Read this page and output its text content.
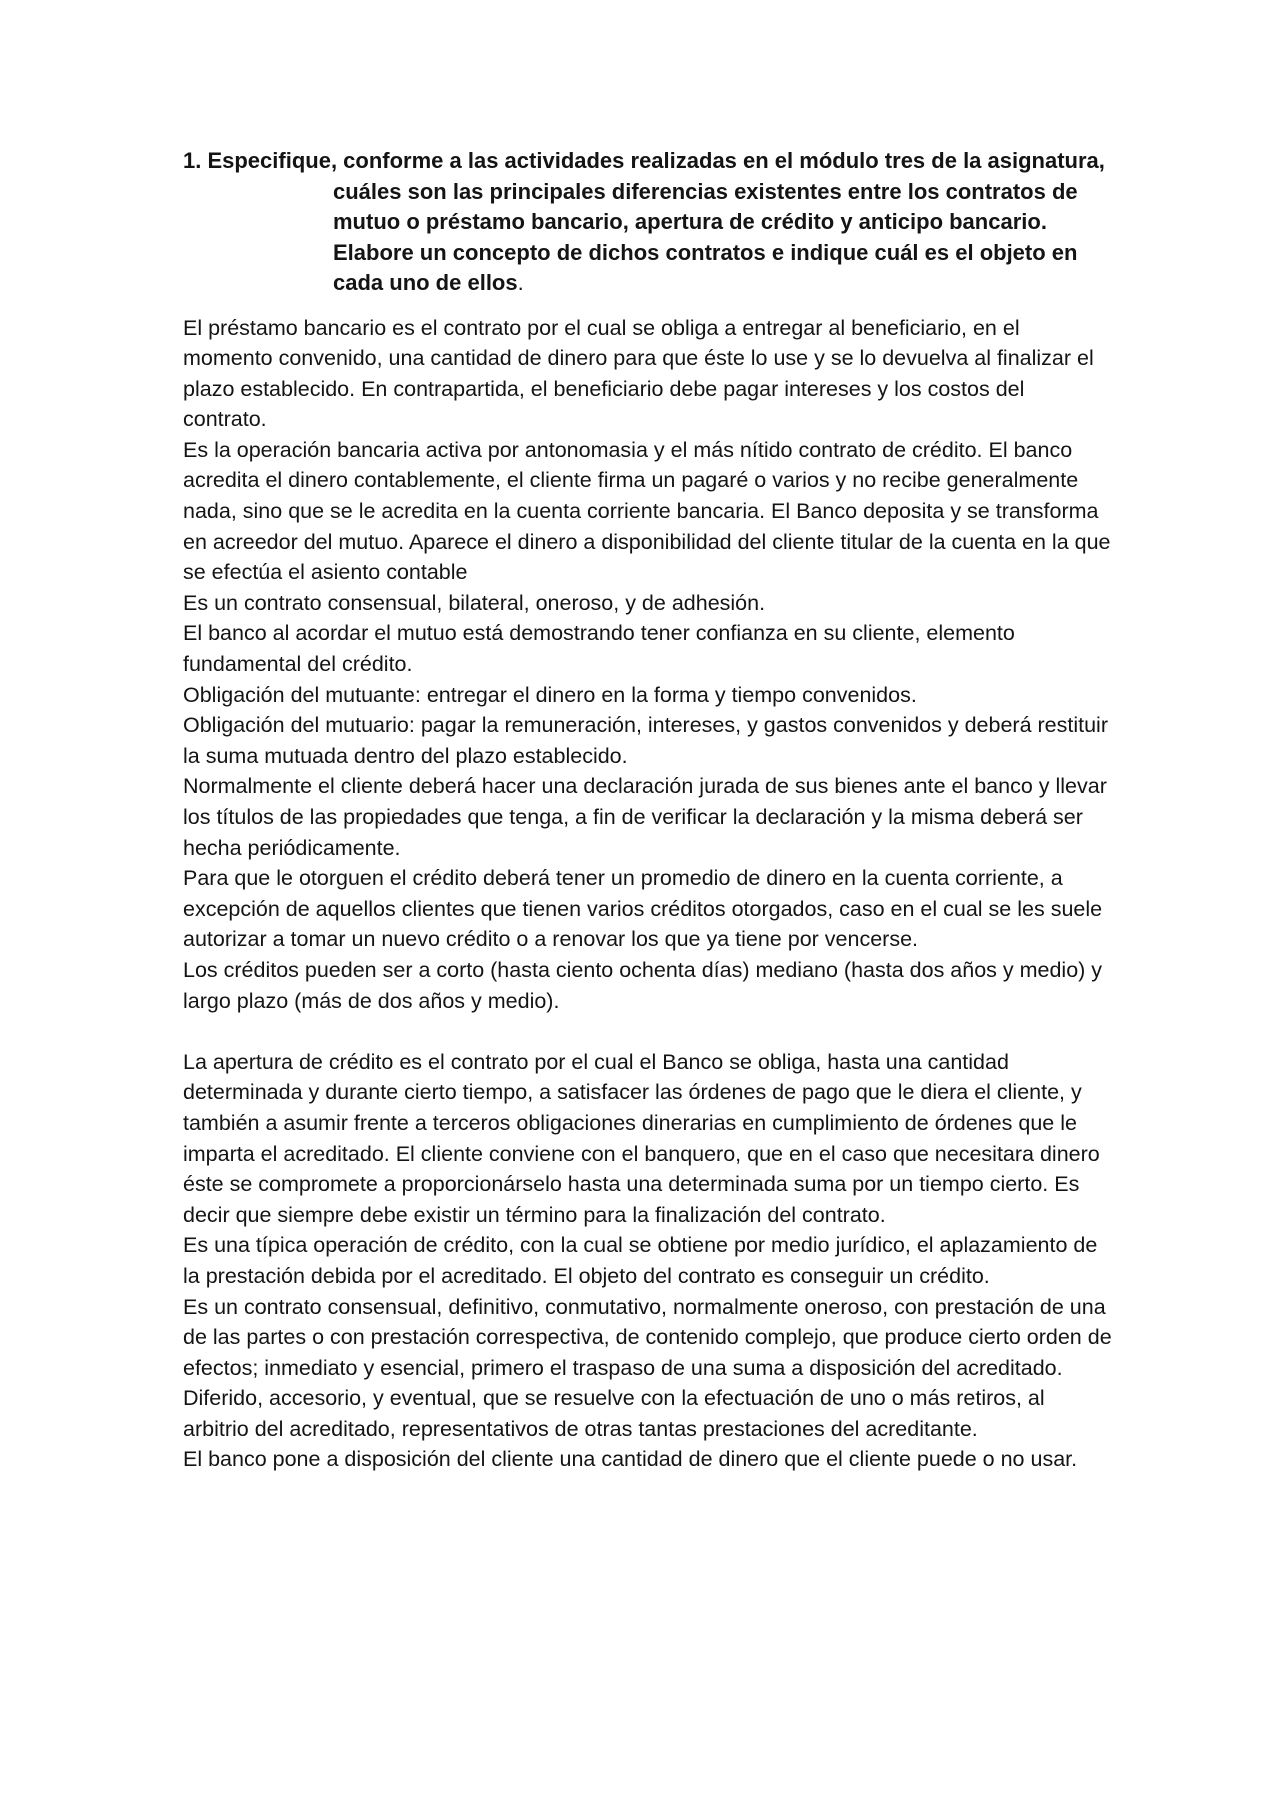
1. Especifique, conforme a las actividades realizadas en el módulo tres de la asignatura, cuáles son las principales diferencias existentes entre los contratos de mutuo o préstamo bancario, apertura de crédito y anticipo bancario. Elabore un concepto de dichos contratos e indique cuál es el objeto en cada uno de ellos.

El préstamo bancario es el contrato por el cual se obliga a entregar al beneficiario, en el momento convenido, una cantidad de dinero para que éste lo use y se lo devuelva al finalizar el plazo establecido. En contrapartida, el beneficiario debe pagar intereses y los costos del contrato.

Es la operación bancaria activa por antonomasia y el más nítido contrato de crédito. El banco acredita el dinero contablemente, el cliente firma un pagaré o varios y no recibe generalmente nada, sino que se le acredita en la cuenta corriente bancaria. El Banco deposita y se transforma en acreedor del mutuo. Aparece el dinero a disponibilidad del cliente titular de la cuenta en la que se efectúa el asiento contable

Es un contrato consensual, bilateral, oneroso, y de adhesión.

El banco al acordar el mutuo está demostrando tener confianza en su cliente, elemento fundamental del crédito.

Obligación del mutuante: entregar el dinero en la forma y tiempo convenidos.

Obligación del mutuario: pagar la remuneración, intereses, y gastos convenidos y deberá restituir la suma mutuada dentro del plazo establecido.

Normalmente el cliente deberá hacer una declaración jurada de sus bienes ante el banco y llevar los títulos de las propiedades que tenga, a fin de verificar la declaración y la misma deberá ser hecha periódicamente.

Para que le otorguen el crédito deberá tener un promedio de dinero en la cuenta corriente, a excepción de aquellos clientes que tienen varios créditos otorgados, caso en el cual se les suele autorizar a tomar un nuevo crédito o a renovar los que ya tiene por vencerse.

Los créditos pueden ser a corto (hasta ciento ochenta días) mediano (hasta dos años y medio) y largo plazo (más de dos años y medio).

La apertura de crédito es el contrato por el cual el Banco se obliga, hasta una cantidad determinada y durante cierto tiempo, a satisfacer las órdenes de pago que le diera el cliente, y también a asumir frente a terceros obligaciones dinerarias en cumplimiento de órdenes que le imparta el acreditado. El cliente conviene con el banquero, que en el caso que necesitara dinero éste se compromete a proporcionárselo hasta una determinada suma por un tiempo cierto. Es decir que siempre debe existir un término para la finalización del contrato.

Es una típica operación de crédito, con la cual se obtiene por medio jurídico, el aplazamiento de la prestación debida por el acreditado. El objeto del contrato es conseguir un crédito.

Es un contrato consensual, definitivo, conmutativo, normalmente oneroso, con prestación de una de las partes o con prestación correspectiva, de contenido complejo, que produce cierto orden de efectos; inmediato y esencial, primero el traspaso de una suma a disposición del acreditado. Diferido, accesorio, y eventual, que se resuelve con la efectuación de uno o más retiros, al arbitrio del acreditado, representativos de otras tantas prestaciones del acreditante.

El banco pone a disposición del cliente una cantidad de dinero que el cliente puede o no usar.
